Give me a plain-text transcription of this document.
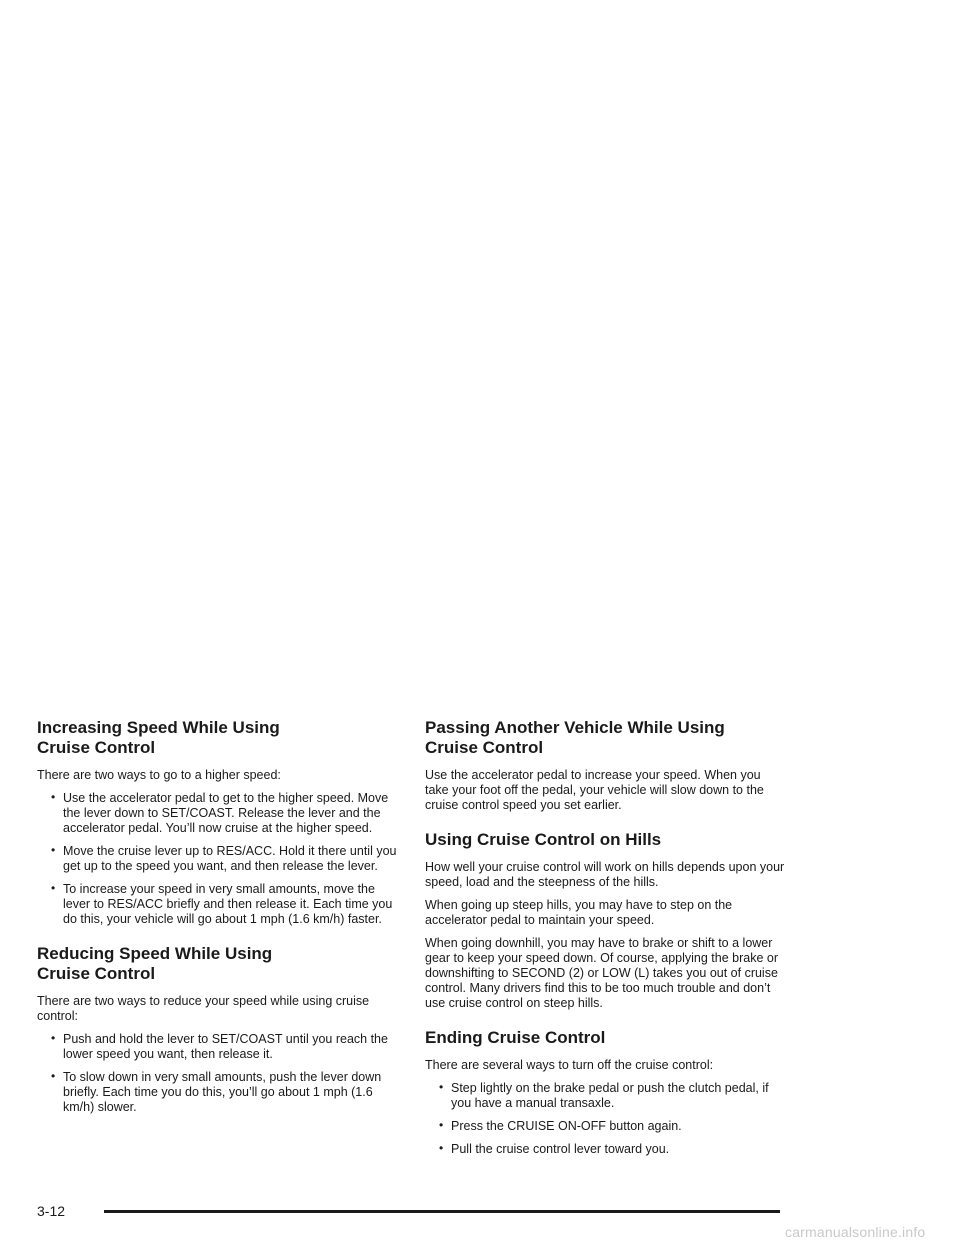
Increasing Speed While Using
Cruise Control

There are two ways to go to a higher speed:

• Use the accelerator pedal to get to the higher speed. Move the lever down to SET/COAST. Release the lever and the accelerator pedal. You’ll now cruise at the higher speed.
• Move the cruise lever up to RES/ACC. Hold it there until you get up to the speed you want, and then release the lever.
• To increase your speed in very small amounts, move the lever to RES/ACC briefly and then release it. Each time you do this, your vehicle will go about 1 mph (1.6 km/h) faster.
Reducing Speed While Using
Cruise Control

There are two ways to reduce your speed while using cruise control:

• Push and hold the lever to SET/COAST until you reach the lower speed you want, then release it.
• To slow down in very small amounts, push the lever down briefly. Each time you do this, you’ll go about 1 mph (1.6 km/h) slower.
Passing Another Vehicle While Using
Cruise Control

Use the accelerator pedal to increase your speed. When you take your foot off the pedal, your vehicle will slow down to the cruise control speed you set earlier.

Using Cruise Control on Hills

How well your cruise control will work on hills depends upon your speed, load and the steepness of the hills.

When going up steep hills, you may have to step on the accelerator pedal to maintain your speed.

When going downhill, you may have to brake or shift to a lower gear to keep your speed down. Of course, applying the brake or downshifting to SECOND (2) or LOW (L) takes you out of cruise control. Many drivers find this to be too much trouble and don’t use cruise control on steep hills.

Ending Cruise Control

There are several ways to turn off the cruise control:

• Step lightly on the brake pedal or push the clutch pedal, if you have a manual transaxle.
• Press the CRUISE ON-OFF button again.
• Pull the cruise control lever toward you.
3-12
carmanualsonline.info
